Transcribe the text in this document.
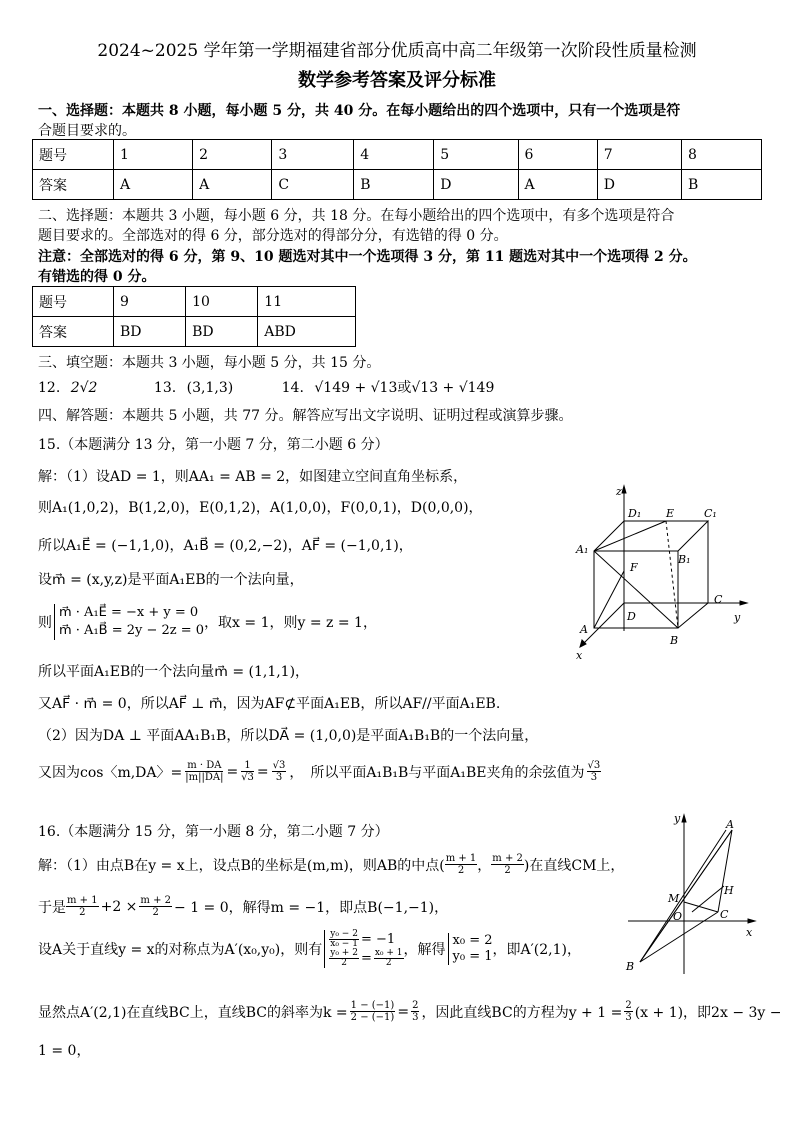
2024~2025 学年第一学期福建省部分优质高中高二年级第一次阶段性质量检测
数学参考答案及评分标准
一、选择题：本题共 8 小题，每小题 5 分，共 40 分。在每小题给出的四个选项中，只有一个选项是符
合题目要求的。
题号	1	2	3	4	5	6	7	8
答案	A	A	C	B	D	A	D	B
二、选择题：本题共 3 小题，每小题 6 分，共 18 分。在每小题给出的四个选项中，有多个选项是符合
题目要求的。全部选对的得 6 分，部分选对的得部分分，有选错的得 0 分。
注意：全部选对的得 6 分，第 9、10 题选对其中一个选项得 3 分，第 11 题选对其中一个选项得 2 分。
有错选的得 0 分。
题号	9	10	11
答案	BD	BD	ABD
三、填空题：本题共 3 小题，每小题 5 分，共 15 分。
12. 2√2	13. (3,1,3)	14. √149 + √13或√13 + √149
四、解答题：本题共 5 小题，共 77 分。解答应写出文字说明、证明过程或演算步骤。
15.（本题满分 13 分，第一小题 7 分，第二小题 6 分）
解：（1）设AD = 1，则AA₁ = AB = 2，如图建立空间直角坐标系，
则A₁(1,0,2)，B(1,2,0)，E(0,1,2)，A(1,0,0)，F(0,0,1)，D(0,0,0)，
所以A₁E⃗ = (−1,1,0)，A₁B⃗ = (0,2,−2)，AF⃗ = (−1,0,1)，
设m⃗ = (x,y,z)是平面A₁EB的一个法向量，
则
m⃗ · A₁E⃗ = −x + y = 0
m⃗ · A₁B⃗ = 2y − 2z = 0 ，取x = 1，则y = z = 1，
所以平面A₁EB的一个法向量m⃗ = (1,1,1)，
又AF⃗ · m⃗ = 0，所以AF⃗ ⊥ m⃗，因为AF⊄平面A₁EB，所以AF//平面A₁EB.
（2）因为DA ⊥ 平面AA₁B₁B，所以DA⃗ = (1,0,0)是平面A₁B₁B的一个法向量，
又因为cos〈m,DA〉= $\frac{m \cdot DA}{|m||DA|} = \frac{1}{√3} = \frac{√3}{3}$ ，　所以平面A₁B₁B与平面A₁BE夹角的余弦值为 $\frac{√3}{3}$
z
D₁ E	C₁
A₁
B₁
F
C
D	y
A
B
x
16.（本题满分 15 分，第一小题 8 分，第二小题 7 分）
解：（1）由点B在y = x上，设点B的坐标是(m,m)，则AB的中点( $\frac{m + 1}{2}$ ， $\frac{m + 2}{2}$ )在直线CM上，
于是 $\frac{m + 1}{2} +2 \times \frac{m + 2}{2} - 1 = 0$，解得m = −1，即点B(−1,−1)，
设A关于直线y = x的对称点为A′(x₀,y₀)，则有
$\frac{\text{y₀ − 2}}{\text{x₀ − 1}} = -1$
$\frac{\text{y₀ + 2}}{2} = \frac{\text{x₀ + 1}}{2}$ ，解得
x₀ = 2
y₀ = 1 ，即A′(2,1)，
显然点A′(2,1)在直线BC上，直线BC的斜率为$k = \frac{1 - (-1)}{2 - (-1)} = \frac{2}{3}$ ，因此直线BC的方程为$y + 1 = \frac{2}{3} (x + 1)$，即2x − 3y −
1 = 0，
y	A
H
M
O	C
x
B
